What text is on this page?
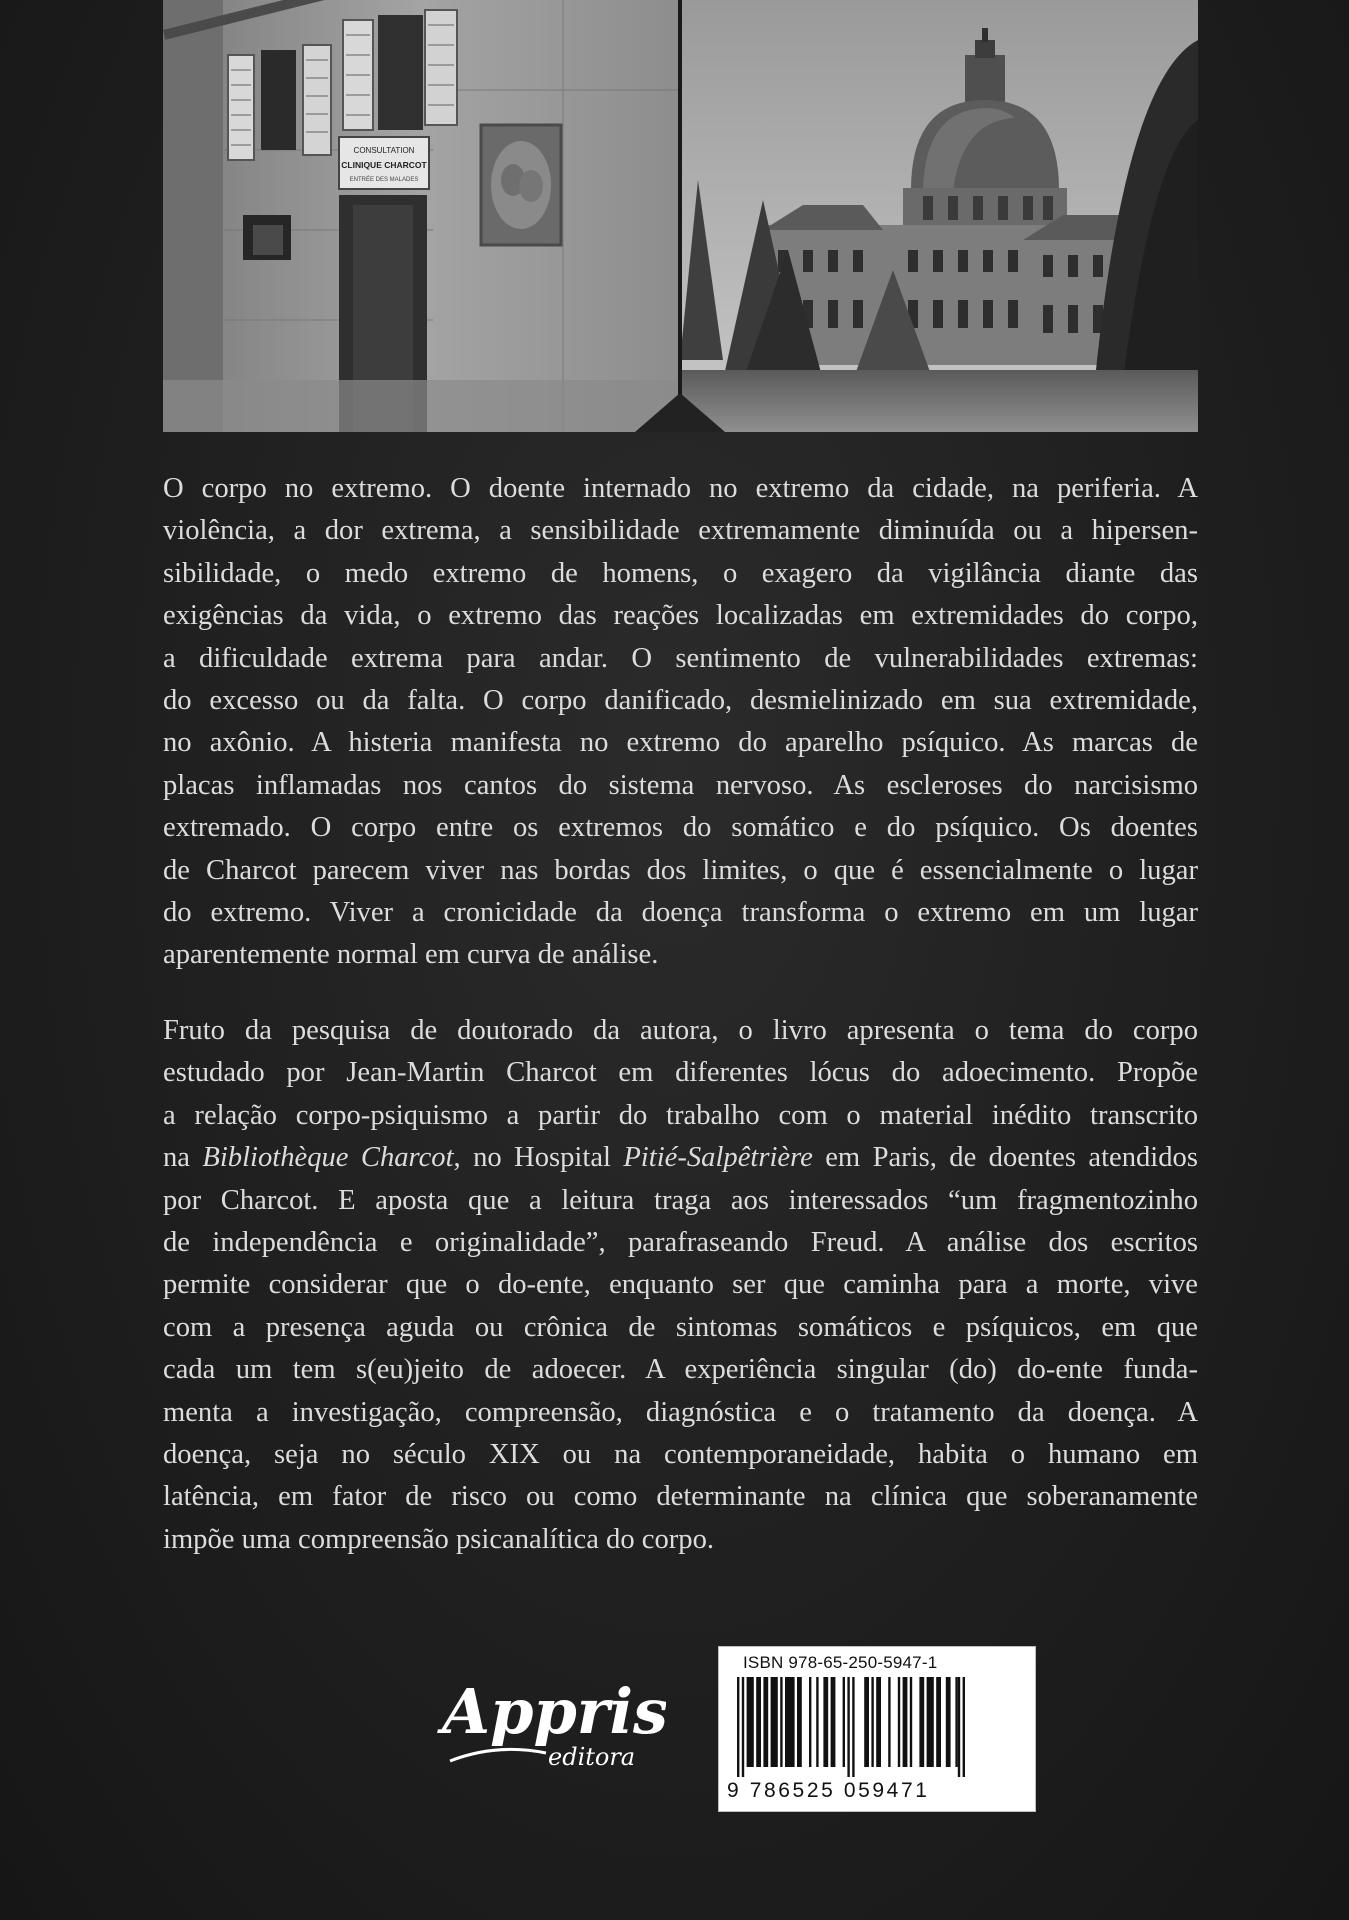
CONSULTATION
CLINIQUE CHARCOT
ENTRÉE DES MALADES
O corpo no extremo. O doente internado no extremo da cidade, na periferia. A
violência, a dor extrema, a sensibilidade extremamente diminuída ou a hipersen-
sibilidade, o medo extremo de homens, o exagero da vigilância diante das
exigências da vida, o extremo das reações localizadas em extremidades do corpo,
a dificuldade extrema para andar. O sentimento de vulnerabilidades extremas:
do excesso ou da falta. O corpo danificado, desmielinizado em sua extremidade,
no axônio. A histeria manifesta no extremo do aparelho psíquico. As marcas de
placas inflamadas nos cantos do sistema nervoso. As escleroses do narcisismo
extremado. O corpo entre os extremos do somático e do psíquico. Os doentes
de Charcot parecem viver nas bordas dos limites, o que é essencialmente o lugar
do extremo. Viver a cronicidade da doença transforma o extremo em um lugar
aparentemente normal em curva de análise.
Fruto da pesquisa de doutorado da autora, o livro apresenta o tema do corpo
estudado por Jean-Martin Charcot em diferentes lócus do adoecimento. Propõe
a relação corpo-psiquismo a partir do trabalho com o material inédito transcrito
na Bibliothèque Charcot, no Hospital Pitié-Salpêtrière em Paris, de doentes atendidos
por Charcot. E aposta que a leitura traga aos interessados “um fragmentozinho
de independência e originalidade”, parafraseando Freud. A análise dos escritos
permite considerar que o do-ente, enquanto ser que caminha para a morte, vive
com a presença aguda ou crônica de sintomas somáticos e psíquicos, em que
cada um tem s(eu)jeito de adoecer. A experiência singular (do) do-ente funda-
menta a investigação, compreensão, diagnóstica e o tratamento da doença. A
doença, seja no século XIX ou na contemporaneidade, habita o humano em
latência, em fator de risco ou como determinante na clínica que soberanamente
impõe uma compreensão psicanalítica do corpo.
Appris
editora
ISBN 978-65-250-5947-1
9 786525 059471
